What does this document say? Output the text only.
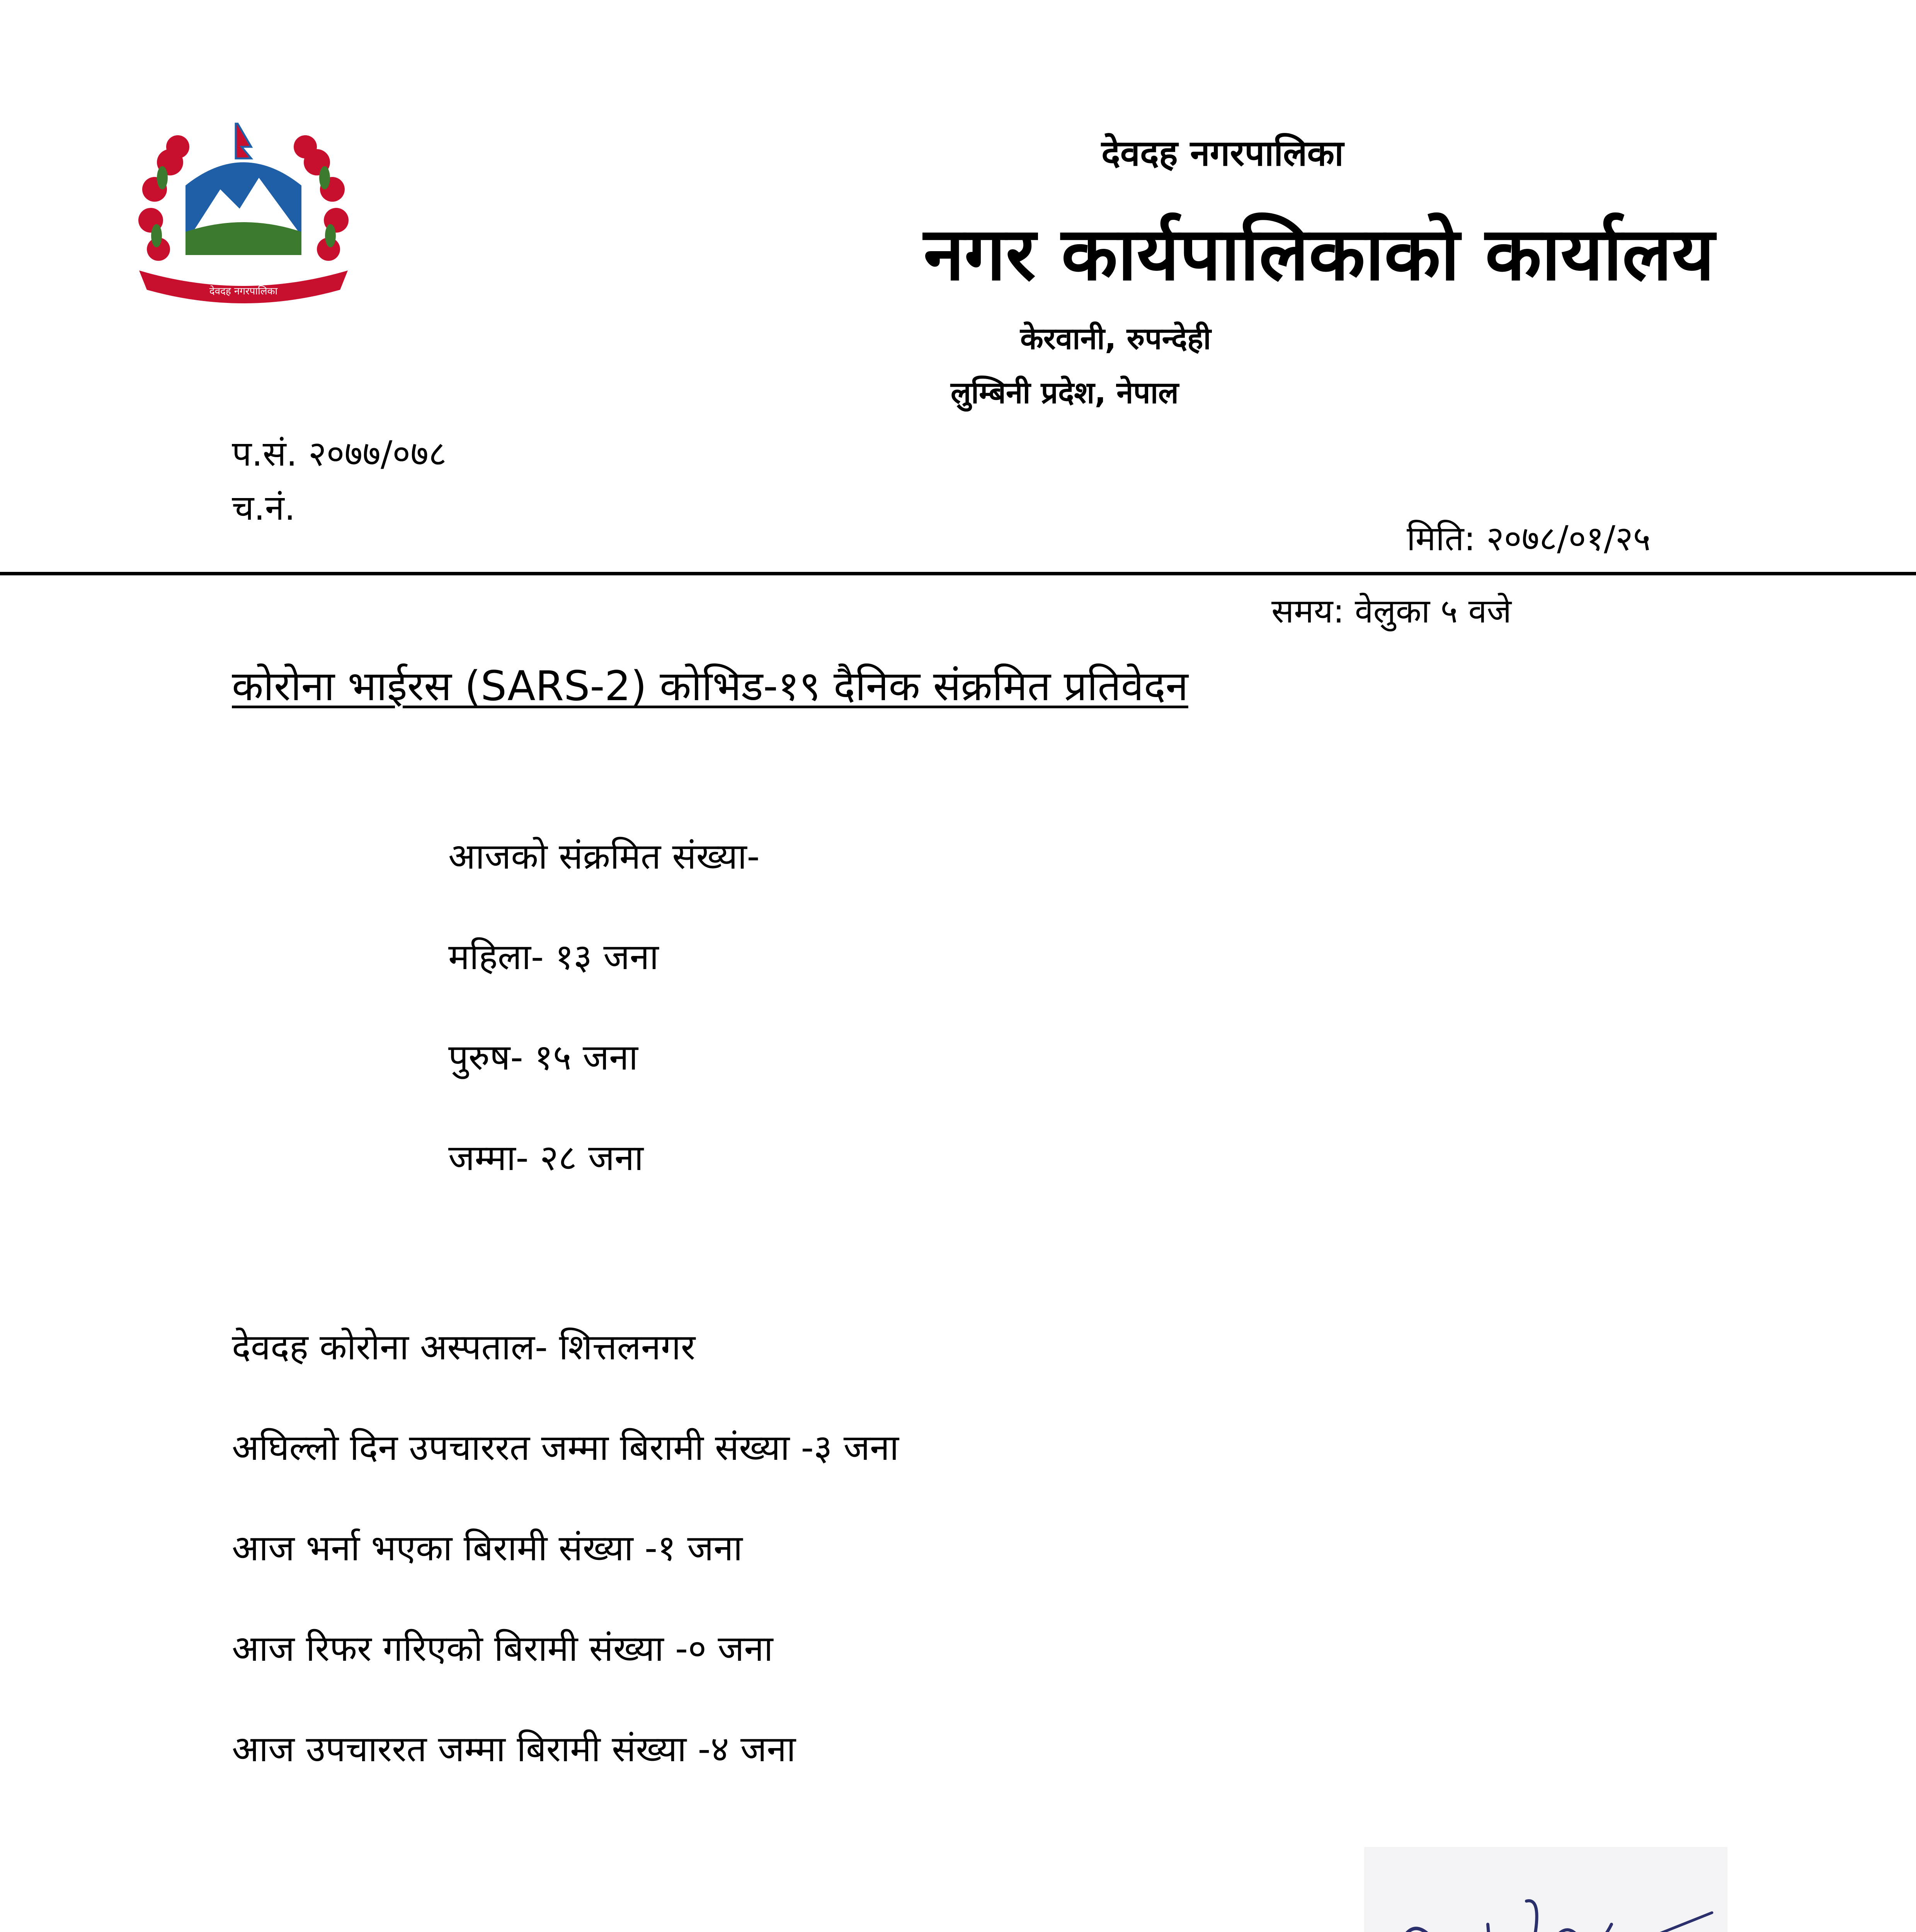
देवदह नगरपालिका
देवदह नगरपालिका
नगर कार्यपालिकाको कार्यालय
केरवानी, रुपन्देही
लुम्बिनी प्रदेश, नेपाल
प.सं. २०७७/०७८
च.नं.
मिति: २०७८/०१/२५
समय: वेलुका ५ वजे
कोरोना भाईरस (SARS-2) कोभिड-१९ दैनिक संक्रमित प्रतिवेदन
आजको संक्रमित संख्या-
महिला- १३ जना
पुरुष- १५ जना
जम्मा- २८ जना
देवदह कोरोना अस्पताल- शित्तलनगर
अघिल्लो दिन उपचाररत जम्मा बिरामी संख्या -३ जना
आज भर्ना भएका बिरामी संख्या -१ जना
आज रिफर गरिएको बिरामी संख्या -० जना
आज उपचाररत जम्मा बिरामी संख्या -४ जना
